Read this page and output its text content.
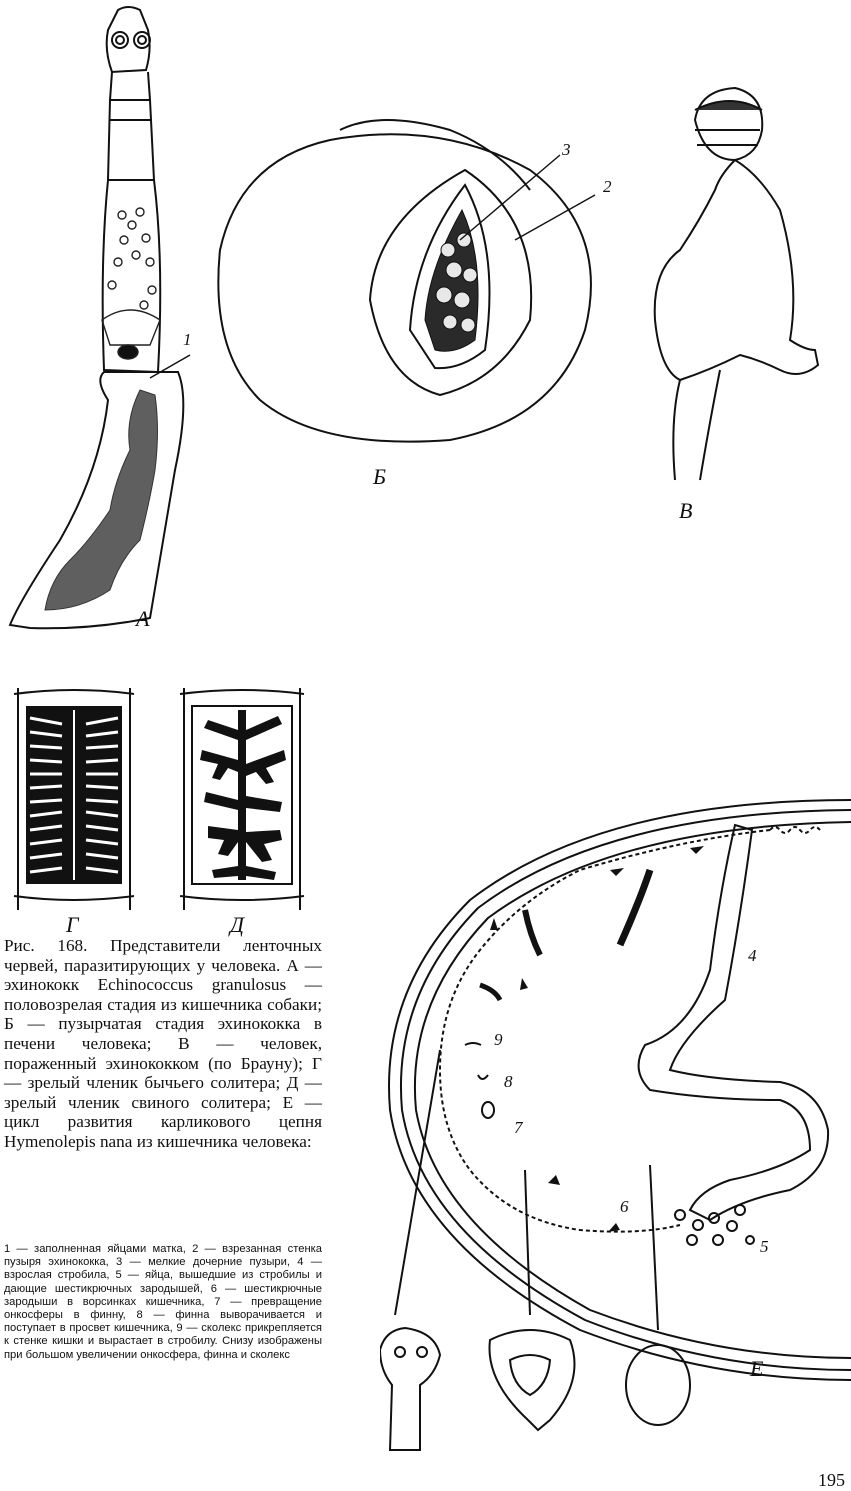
1
А
3
2
Б
В
Г	Д
4
5
6
7
8
9
Е
Рис. 168. Представители ленточных червей, паразитирующих у человека. А — эхинококк Echinococcus granulosus — половозрелая стадия из кишечника собаки; Б — пузырчатая стадия эхинококка в печени человека; В — человек, пораженный эхинококком (по Брауну); Г — зрелый членик бычьего солитера; Д — зрелый членик свиного солитера; Е — цикл развития карликового цепня Hymenolepis nana из кишечника человека:
1 — заполненная яйцами матка, 2 — взрезанная стенка пузыря эхинококка, 3 — мелкие дочерние пузыри, 4 — взрослая стробила, 5 — яйца, вышедшие из стробилы и дающие шестикрючных зародышей, 6 — шестикрючные зародыши в ворсинках кишечника, 7 — превращение онкосферы в финну, 8 — финна выворачивается и поступает в просвет кишечника, 9 — сколекс прикрепляется к стенке кишки и вырастает в стробилу. Снизу изображены при большом увеличении онкосфера, финна и сколекс
195
